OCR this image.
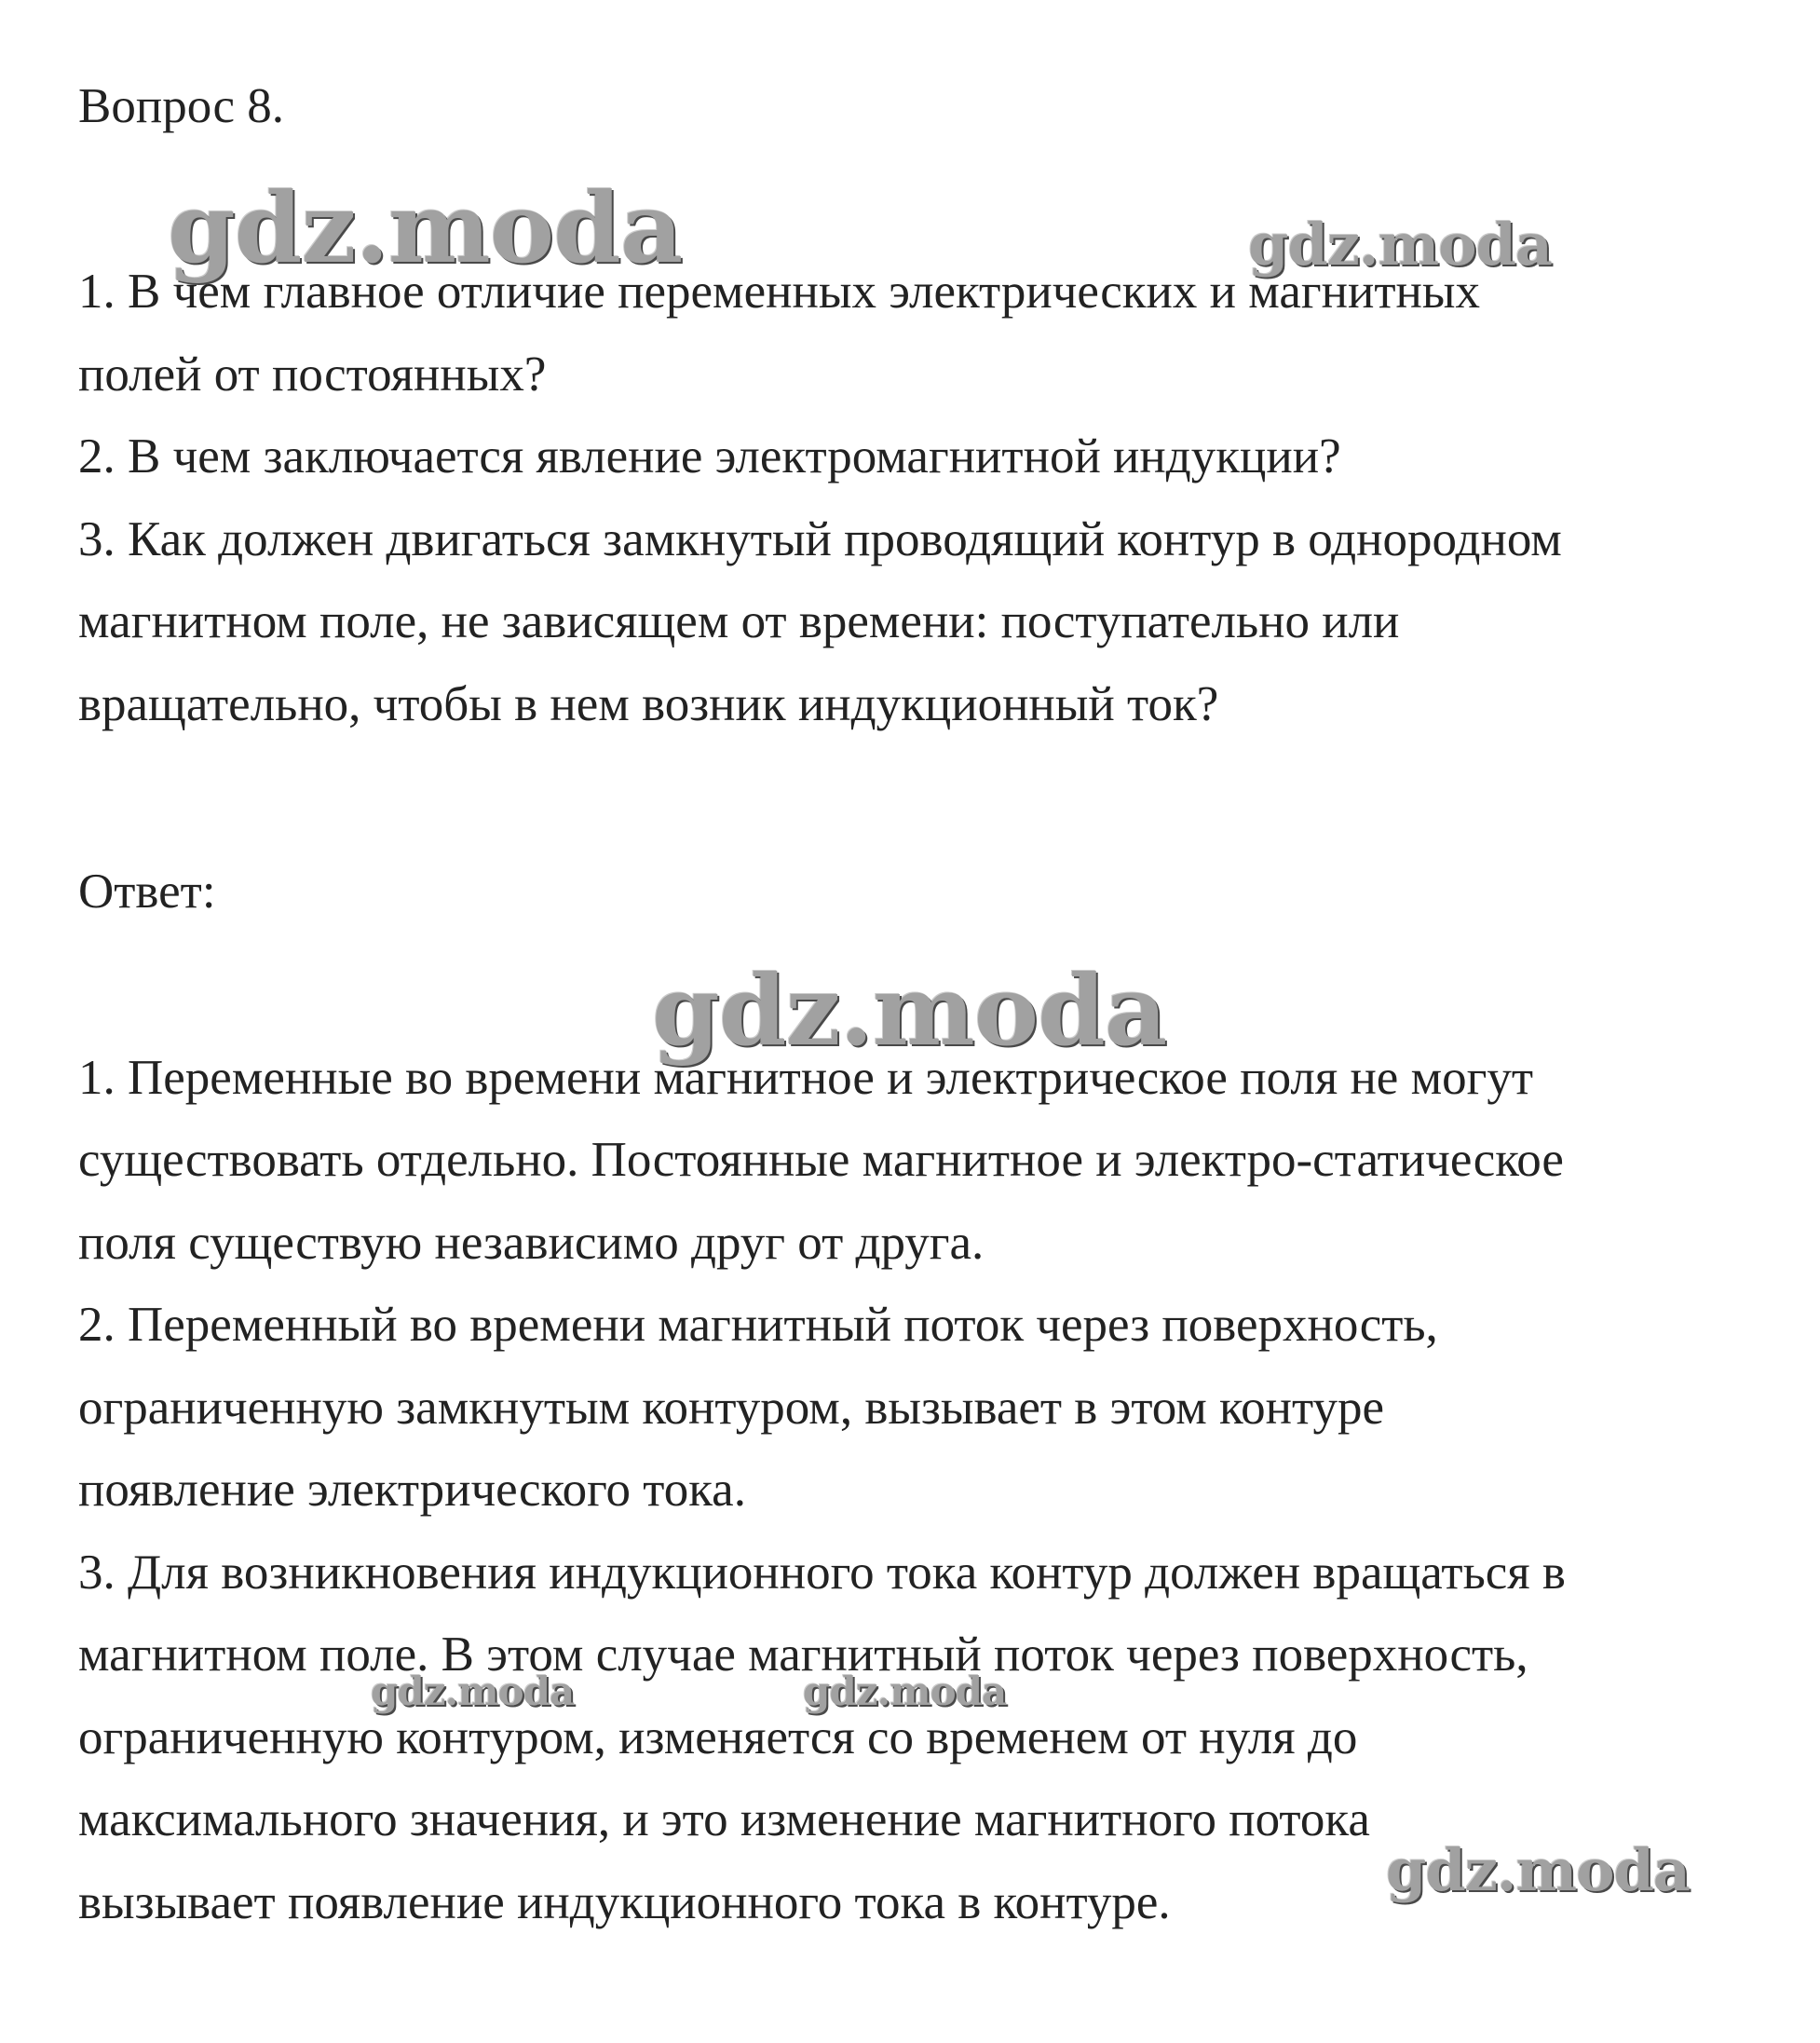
gdz.moda	gdz.moda
gdz.moda
gdz.moda	gdz.moda
gdz.moda
Вопрос 8.
1. В чем главное отличие переменных электрических и магнитных
полей от постоянных?
2. В чем заключается явление электромагнитной индукции?
3. Как должен двигаться замкнутый проводящий контур в однородном
магнитном поле, не зависящем от времени: поступательно или
вращательно, чтобы в нем возник индукционный ток?
Ответ:
1. Переменные во времени магнитное и электрическое поля не могут
существовать отдельно. Постоянные магнитное и электро-статическое
поля существую независимо друг от друга.
2. Переменный во времени магнитный поток через поверхность,
ограниченную замкнутым контуром, вызывает в этом контуре
появление электрического тока.
3. Для возникновения индукционного тока контур должен вращаться в
магнитном поле. В этом случае магнитный поток через поверхность,
ограниченную контуром, изменяется со временем от нуля до
максимального значения, и это изменение магнитного потока
вызывает появление индукционного тока в контуре.
